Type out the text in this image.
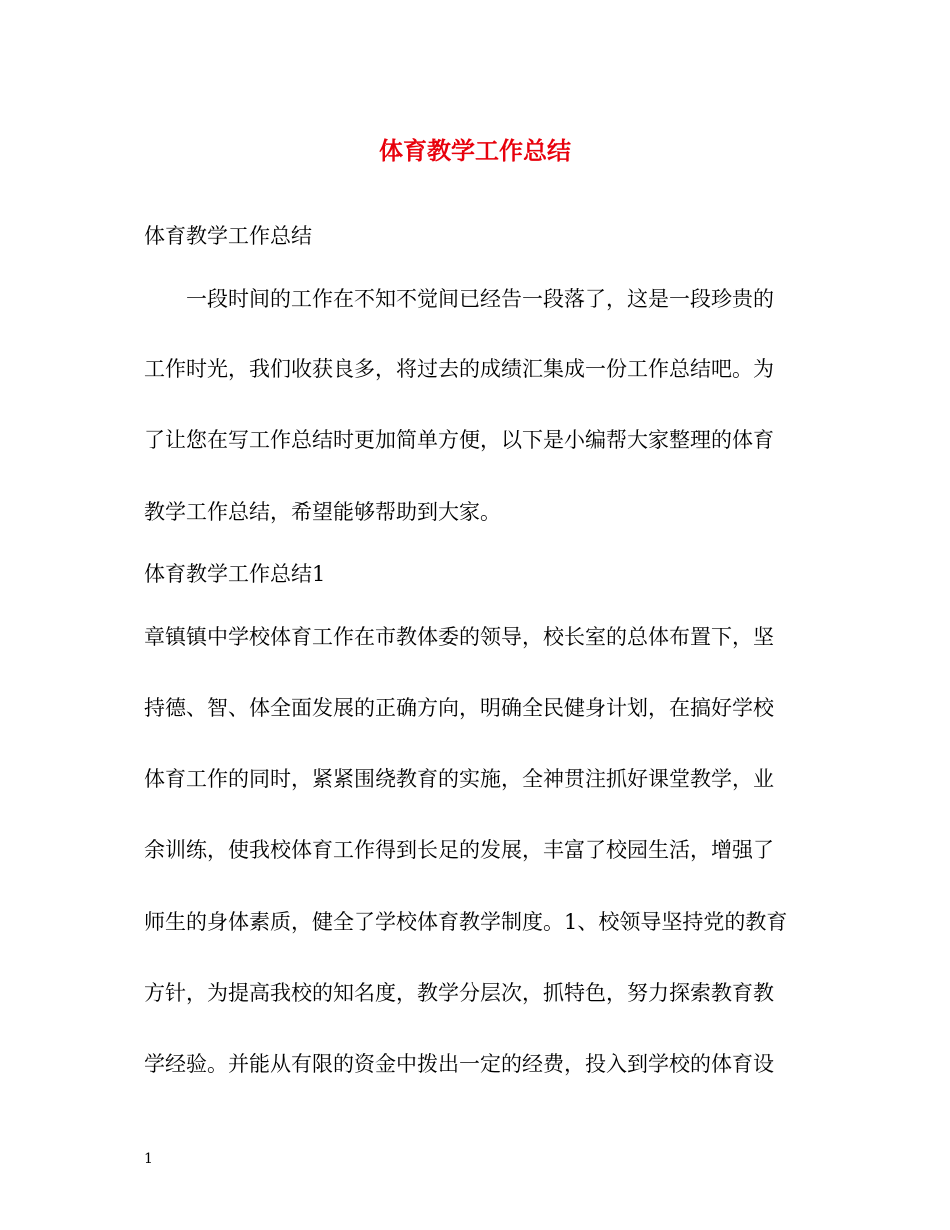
体育教学工作总结

体育教学工作总结

一段时间的工作在不知不觉间已经告一段落了，这是一段珍贵的

工作时光，我们收获良多，将过去的成绩汇集成一份工作总结吧。为

了让您在写工作总结时更加简单方便，以下是小编帮大家整理的体育

教学工作总结，希望能够帮助到大家。

体育教学工作总结1

章镇镇中学校体育工作在市教体委的领导，校长室的总体布置下，坚

持德、智、体全面发展的正确方向，明确全民健身计划，在搞好学校

体育工作的同时，紧紧围绕教育的实施，全神贯注抓好课堂教学，业

余训练，使我校体育工作得到长足的发展，丰富了校园生活，增强了

师生的身体素质，健全了学校体育教学制度。1、校领导坚持党的教育

方针，为提高我校的知名度，教学分层次，抓特色，努力探索教育教

学经验。并能从有限的资金中拨出一定的经费，投入到学校的体育设

1
